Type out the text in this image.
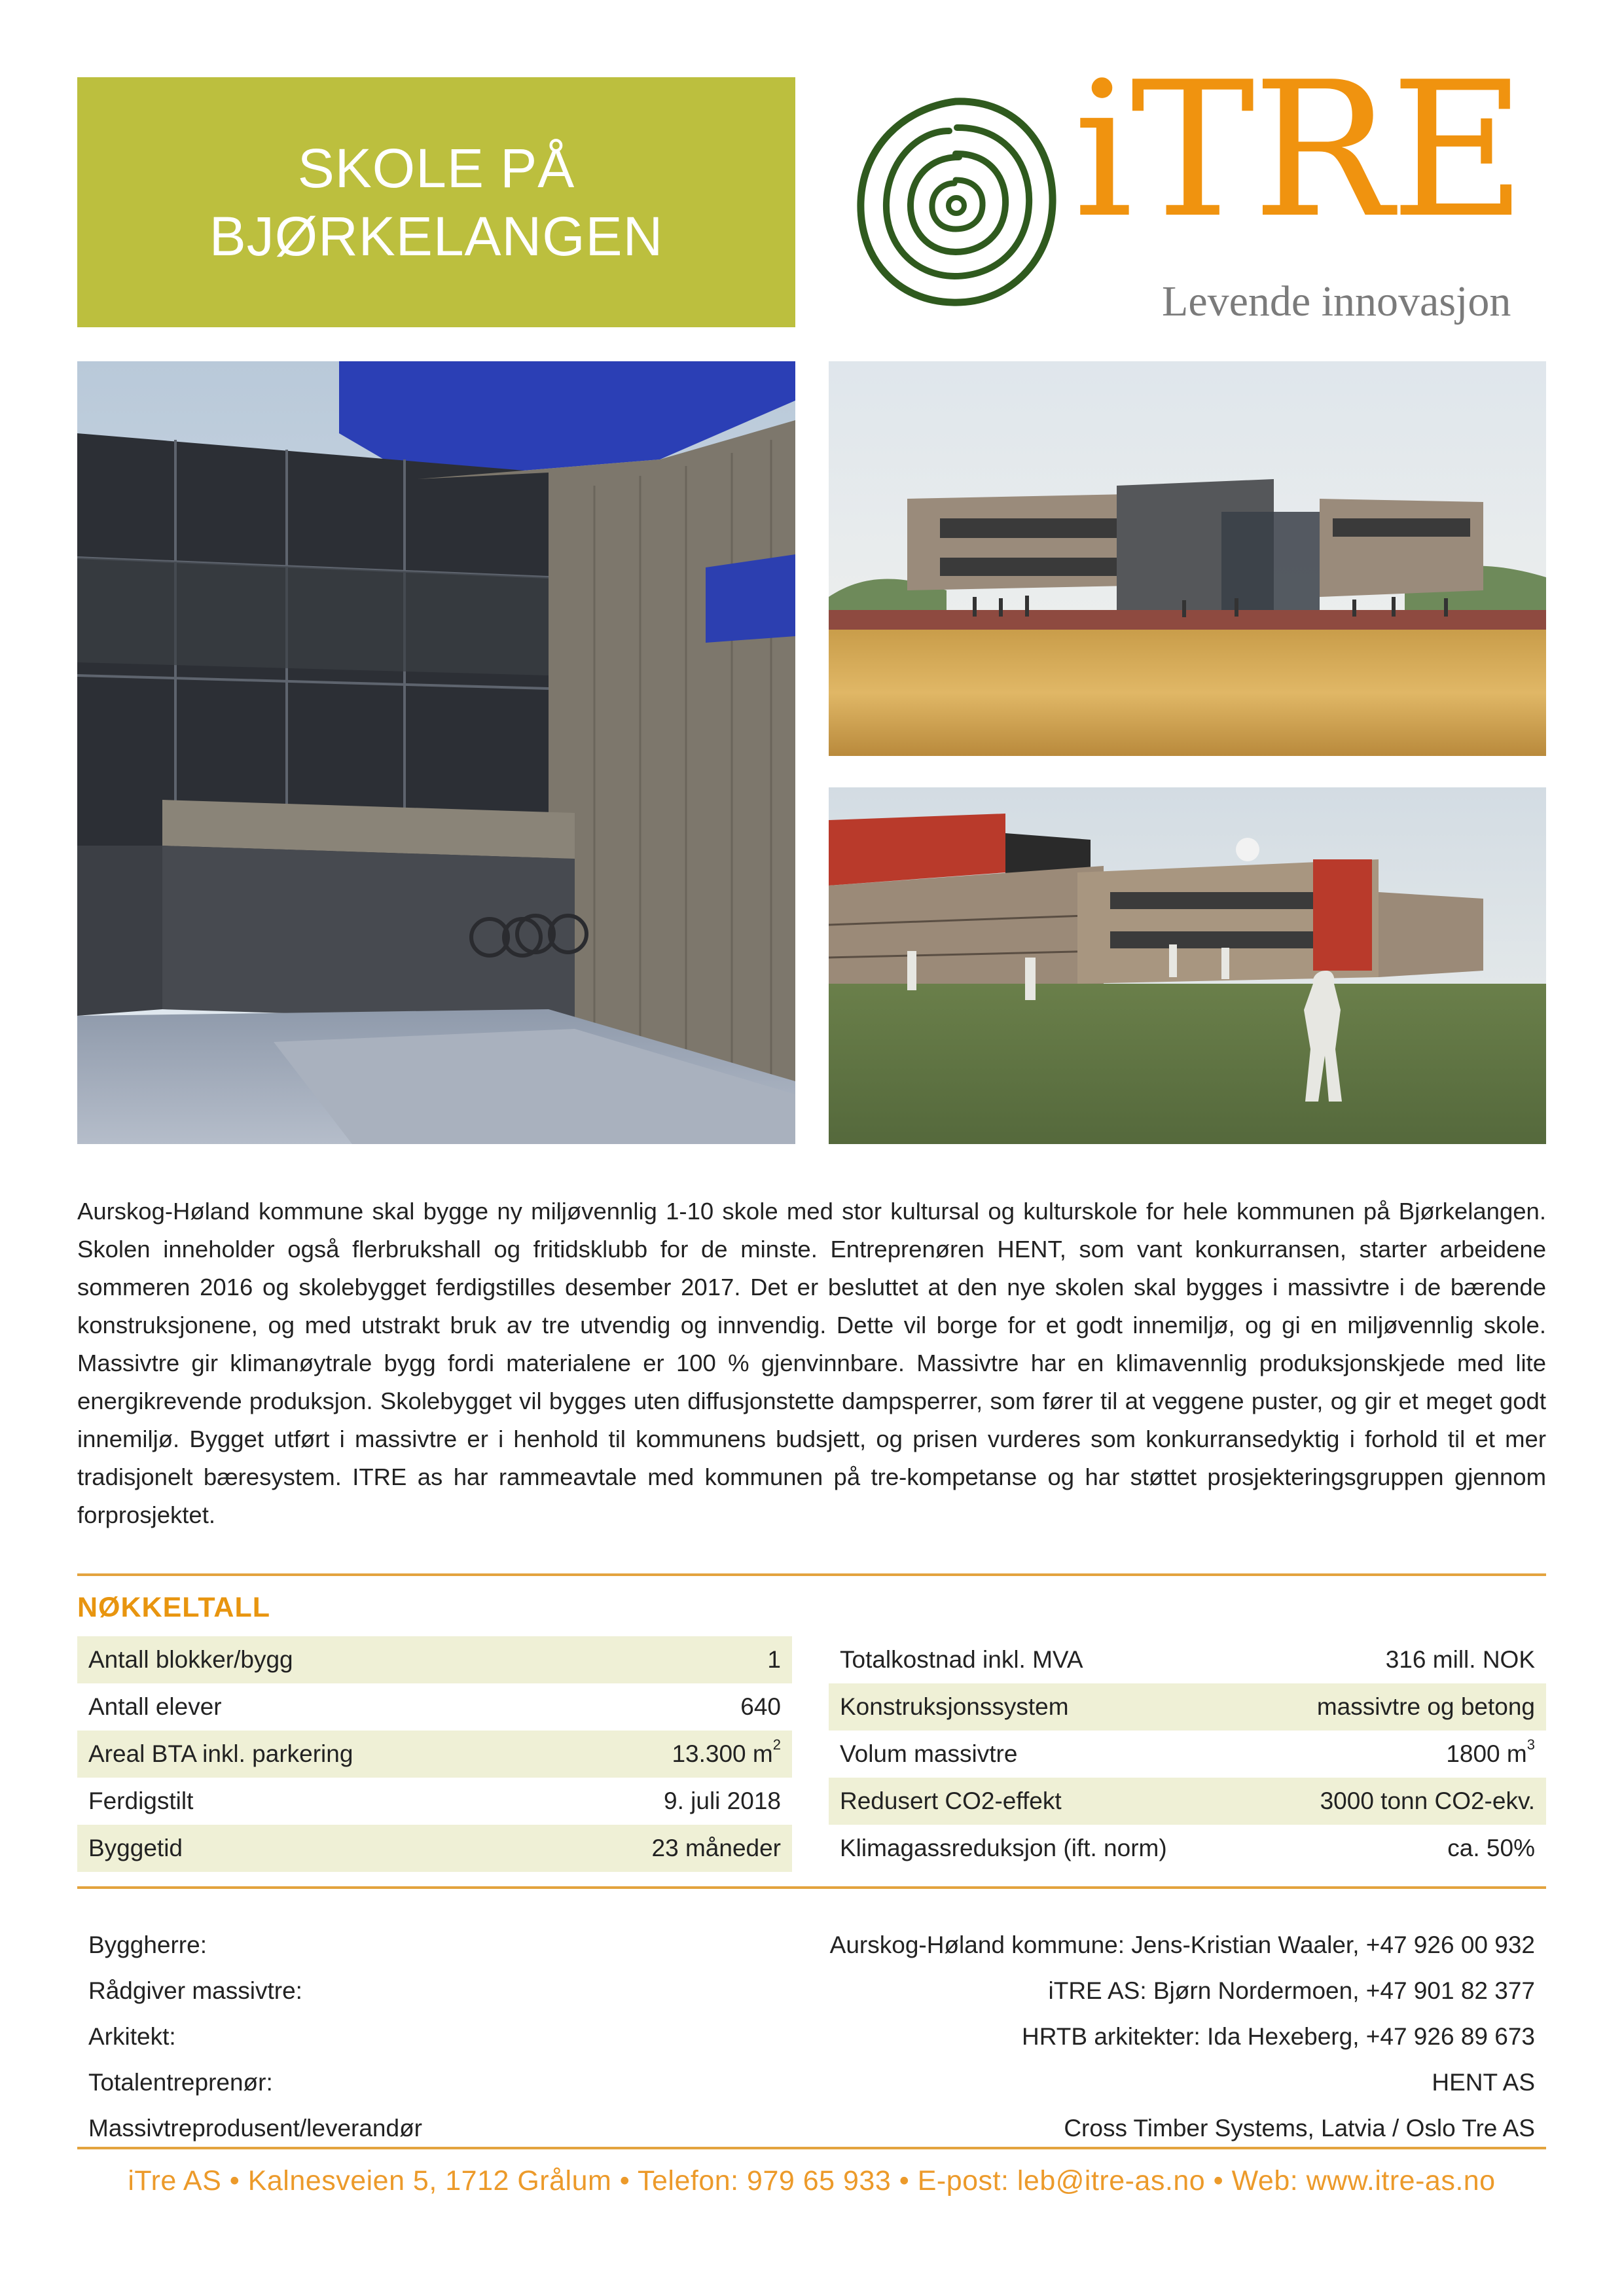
SKOLE PÅ
BJØRKELANGEN iTRE
Levende innovasjon
Aurskog-Høland kommune skal bygge ny miljøvennlig 1-10 skole med stor kultursal og kulturskole for hele kommunen på Bjørkelangen. Skolen inneholder også flerbrukshall og fritidsklubb for de minste. Entreprenøren HENT, som vant konkurransen, starter arbeidene sommeren 2016 og skolebygget ferdigstilles desember 2017. Det er besluttet at den nye skolen skal bygges i massivtre i de bærende konstruksjonene, og med utstrakt bruk av tre utvendig og innvendig. Dette vil borge for et godt innemiljø, og gi en miljøvennlig skole. Massivtre gir klimanøytrale bygg fordi materialene er 100 % gjenvinnbare. Massivtre har en klimavennlig produksjonskjede med lite energikrevende produksjon. Skolebygget vil bygges uten diffusjonstette dampsperrer, som fører til at veggene puster, og gir et meget godt innemiljø. Bygget utført i massivtre er i henhold til kommunens budsjett, og prisen vurderes som konkurransedyktig i forhold til et mer tradisjonelt bæresystem. ITRE as har rammeavtale med kommunen på tre-kompetanse og har støttet prosjekteringsgruppen gjennom forprosjektet.
NØKKELTALL
Antall blokker/bygg	1
Antall elever	640
Areal BTA inkl. parkering	13.300 $m^2$
Ferdigstilt	9. juli 2018
Byggetid	23 måneder
Totalkostnad inkl. MVA	316 mill. NOK
Konstruksjonssystem	massivtre og betong
Volum massivtre	1800 $m^3$
Redusert CO2-effekt	3000 tonn CO2-ekv.
Klimagassreduksjon (ift. norm)	ca. 50%
Byggherre:	Aurskog-Høland kommune: Jens-Kristian Waaler, +47 926 00 932
Rådgiver massivtre:	iTRE AS: Bjørn Nordermoen, +47 901 82 377
Arkitekt:	HRTB arkitekter: Ida Hexeberg, +47 926 89 673
Totalentreprenør:	HENT AS
Massivtreprodusent/leverandør	Cross Timber Systems, Latvia / Oslo Tre AS
iTre AS • Kalnesveien 5, 1712 Grålum • Telefon: 979 65 933 • E-post: leb@itre-as.no • Web: www.itre-as.no
